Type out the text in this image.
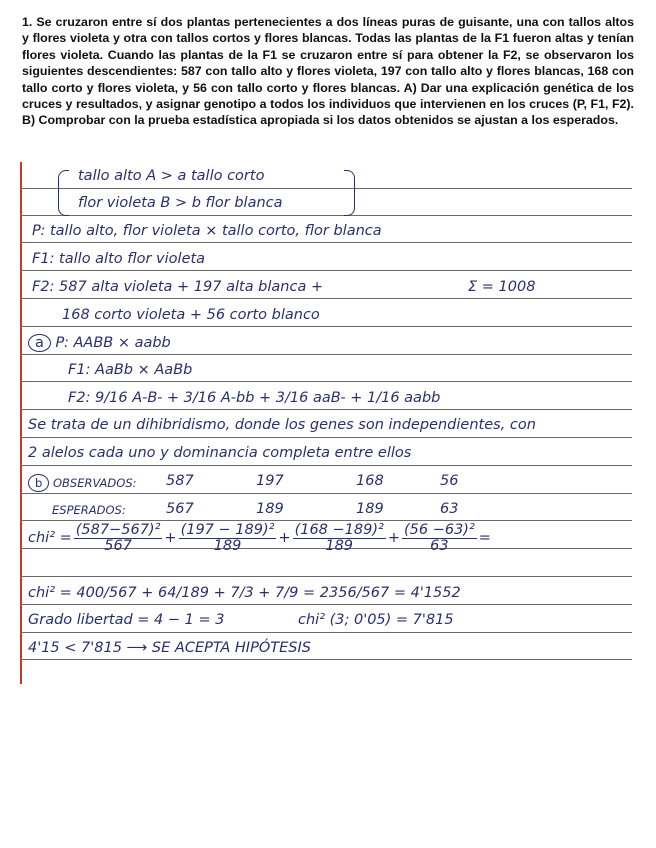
1. Se cruzaron entre sí dos plantas pertenecientes a dos líneas puras de guisante, una con tallos altos y flores violeta y otra con tallos cortos y flores blancas. Todas las plantas de la F1 fueron altas y tenían flores violeta. Cuando las plantas de la F1 se cruzaron entre sí para obtener la F2, se observaron los siguientes descendientes: 587 con tallo alto y flores violeta, 197 con tallo alto y flores blancas, 168 con tallo corto y flores violeta, y 56 con tallo corto y flores blancas. A) Dar una explicación genética de los cruces y resultados, y asignar genotipo a todos los individuos que intervienen en los cruces (P, F1, F2). B) Comprobar con la prueba estadística apropiada si los datos obtenidos se ajustan a los esperados.
tallo alto A > a tallo corto
flor violeta B > b flor blanca
P: tallo alto, flor violeta × tallo corto, flor blanca
F1: tallo alto flor violeta
F2: 587 alta violeta + 197 alta blanca +	Σ = 1008
168 corto violeta + 56 corto blanco
a P: AABB × aabb
F1: AaBb × AaBb
F2: 9/16 A-B- + 3/16 A-bb + 3/16 aaB- + 1/16 aabb
Se trata de un dihibridismo, donde los genes son independientes, con
2 alelos cada uno y dominancia completa entre ellos
b OBSERVADOS: 587	197	168	56
ESPERADOS:	567	189	189	63
$chi^2 = \frac{\text{(587−567)²}}{567} + \frac{\text{(197 − 189)²}}{189} + \frac{\text{(168 −189)²}}{189} + \frac{\text{(56 −63)²}}{63}$ =
chi² = 400/567 + 64/189 + 7/3 + 7/9 = 2356/567 = 4'1552
Grado libertad = 4 − 1 = 3	chi² (3; 0'05) = 7'815
4'15 < 7'815 ⟶ SE ACEPTA HIPÓTESIS
